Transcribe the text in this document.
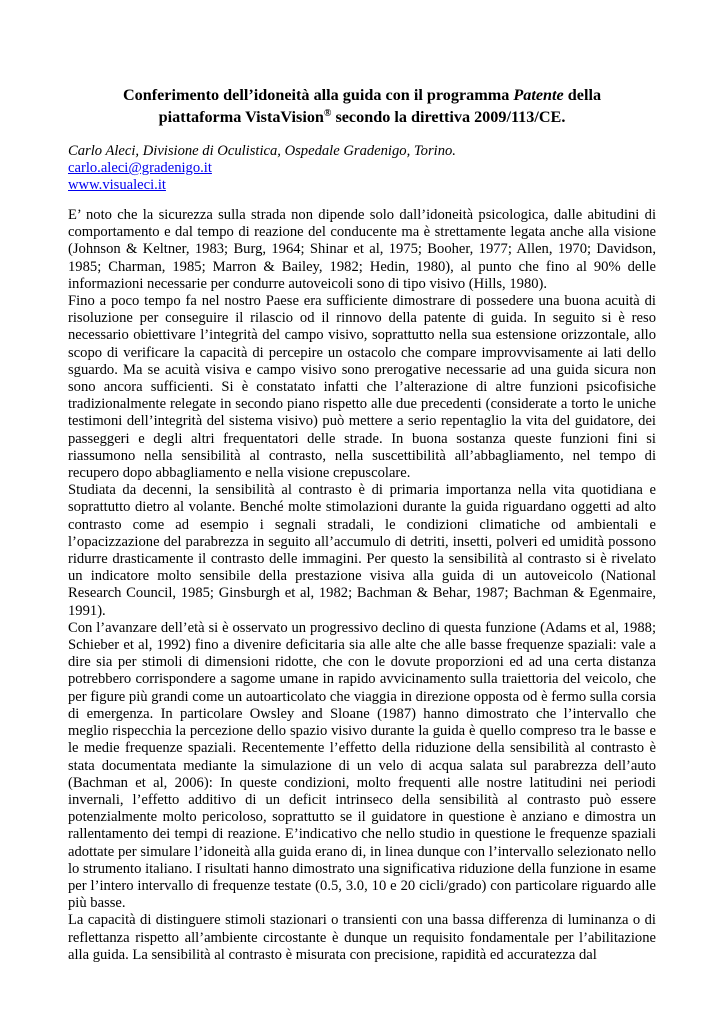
Conferimento dell’idoneità alla guida con il programma Patente della
piattaforma VistaVision® secondo la direttiva 2009/113/CE.
Carlo Aleci, Divisione di Oculistica, Ospedale Gradenigo, Torino.
carlo.aleci@gradenigo.it
www.visualeci.it

E’ noto che la sicurezza sulla strada non dipende solo dall’idoneità psicologica, dalle abitudini di comportamento e dal tempo di reazione del conducente ma è strettamente legata anche alla visione (Johnson & Keltner, 1983; Burg, 1964; Shinar et al, 1975; Booher, 1977; Allen, 1970; Davidson, 1985; Charman, 1985; Marron & Bailey, 1982; Hedin, 1980), al punto che fino al 90% delle informazioni necessarie per condurre autoveicoli sono di tipo visivo (Hills, 1980).

Fino a poco tempo fa nel nostro Paese era sufficiente dimostrare di possedere una buona acuità di risoluzione per conseguire il rilascio od il rinnovo della patente di guida. In seguito si è reso necessario obiettivare l’integrità del campo visivo, soprattutto nella sua estensione orizzontale, allo scopo di verificare la capacità di percepire un ostacolo che compare improvvisamente ai lati dello sguardo. Ma se acuità visiva e campo visivo sono prerogative necessarie ad una guida sicura non sono ancora sufficienti. Si è constatato infatti che l’alterazione di altre funzioni psicofisiche tradizionalmente relegate in secondo piano rispetto alle due precedenti (considerate a torto le uniche testimoni dell’integrità del sistema visivo) può mettere a serio repentaglio la vita del guidatore, dei passeggeri e degli altri frequentatori delle strade. In buona sostanza queste funzioni fini si riassumono nella sensibilità al contrasto, nella suscettibilità all’abbagliamento, nel tempo di recupero dopo abbagliamento e nella visione crepuscolare.

Studiata da decenni, la sensibilità al contrasto è di primaria importanza nella vita quotidiana e soprattutto dietro al volante. Benché molte stimolazioni durante la guida riguardano oggetti ad alto contrasto come ad esempio i segnali stradali, le condizioni climatiche od ambientali e l’opacizzazione del parabrezza in seguito all’accumulo di detriti, insetti, polveri ed umidità possono ridurre drasticamente il contrasto delle immagini. Per questo la sensibilità al contrasto si è rivelato un indicatore molto sensibile della prestazione visiva alla guida di un autoveicolo (National Research Council, 1985; Ginsburgh et al, 1982; Bachman & Behar, 1987; Bachman & Egenmaire, 1991).

Con l’avanzare dell’età si è osservato un progressivo declino di questa funzione (Adams et al, 1988; Schieber et al, 1992) fino a divenire deficitaria sia alle alte che alle basse frequenze spaziali: vale a dire sia per stimoli di dimensioni ridotte, che con le dovute proporzioni ed ad una certa distanza potrebbero corrispondere a sagome umane in rapido avvicinamento sulla traiettoria del veicolo, che per figure più grandi come un autoarticolato che viaggia in direzione opposta od è fermo sulla corsia di emergenza. In particolare Owsley and Sloane (1987) hanno dimostrato che l’intervallo che meglio rispecchia la percezione dello spazio visivo durante la guida è quello compreso tra le basse e le medie frequenze spaziali. Recentemente l’effetto della riduzione della sensibilità al contrasto è stata documentata mediante la simulazione di un velo di acqua salata sul parabrezza dell’auto (Bachman et al, 2006): In queste condizioni, molto frequenti alle nostre latitudini nei periodi invernali, l’effetto additivo di un deficit intrinseco della sensibilità al contrasto può essere potenzialmente molto pericoloso, soprattutto se il guidatore in questione è anziano e dimostra un rallentamento dei tempi di reazione. E’indicativo che nello studio in questione le frequenze spaziali adottate per simulare l’idoneità alla guida erano di, in linea dunque con l’intervallo selezionato nello lo strumento italiano. I risultati hanno dimostrato una significativa riduzione della funzione in esame per l’intero intervallo di frequenze testate (0.5, 3.0, 10 e 20 cicli/grado) con particolare riguardo alle più basse.

La capacità di distinguere stimoli stazionari o transienti con una bassa differenza di luminanza o di reflettanza rispetto all’ambiente circostante è dunque un requisito fondamentale per l’abilitazione alla guida. La sensibilità al contrasto è misurata con precisione, rapidità ed accuratezza dal
